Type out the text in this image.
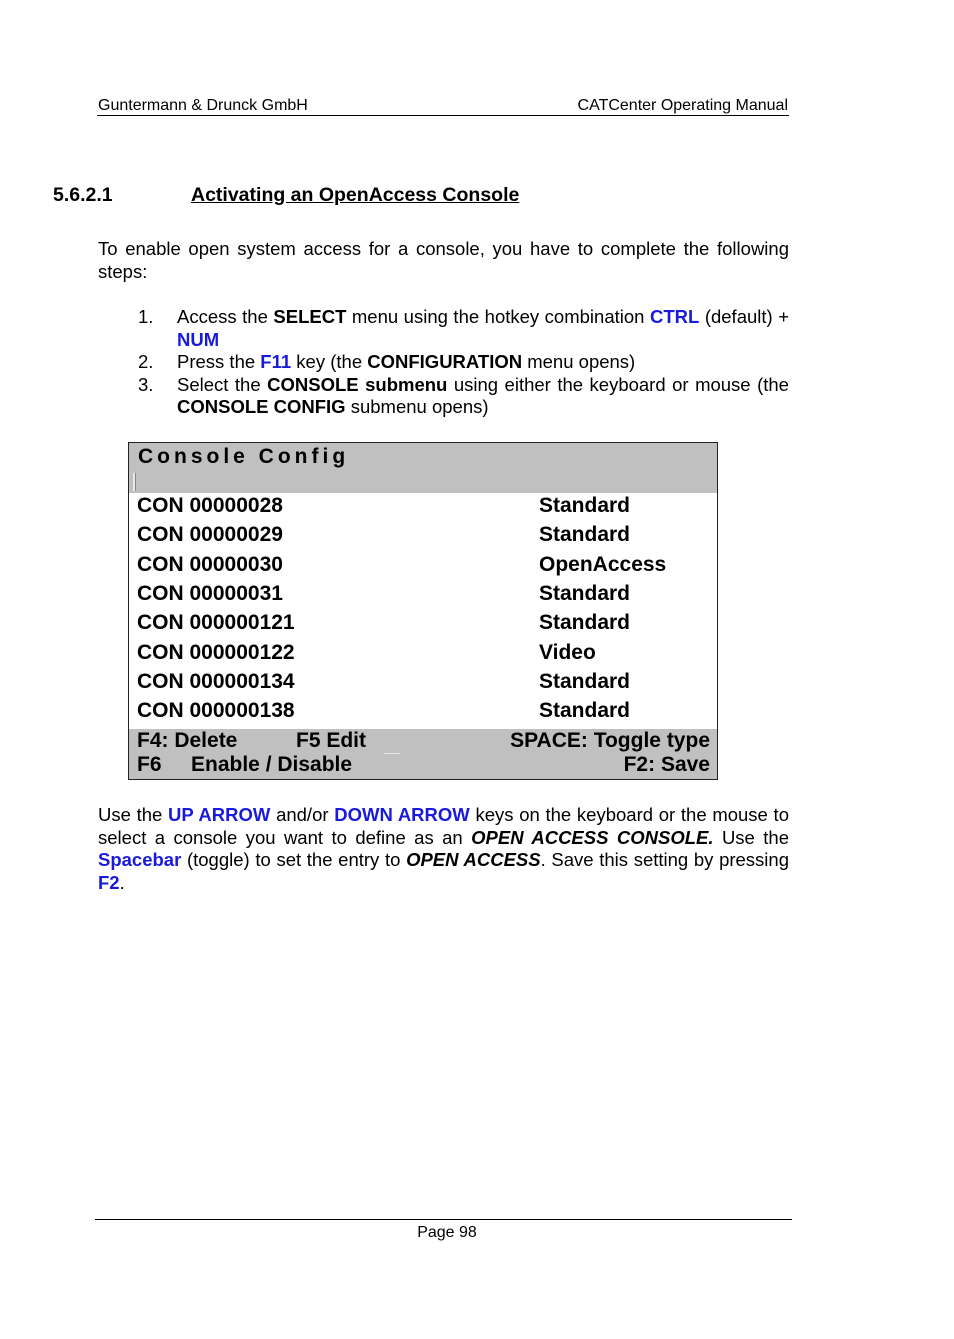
Guntermann & Drunck GmbH	CATCenter Operating Manual
5.6.2.1	Activating an OpenAccess Console
To enable open system access for a console, you have to complete the following steps:
1. Access the SELECT menu using the hotkey combination CTRL (default) + NUM
2. Press the F11 key (the CONFIGURATION menu opens)
3. Select the CONSOLE submenu using either the keyboard or mouse (the CONSOLE CONFIG submenu opens)
Console Config
CON 00000028	Standard
CON 00000029	Standard
CON 00000030	OpenAccess
CON 00000031	Standard
CON 000000121	Standard
CON 000000122	Video
CON 000000134	Standard
CON 000000138	Standard
F4: Delete	F5 Edit	SPACE: Toggle type
F6 Enable / Disable	F2: Save
Use the UP ARROW and/or DOWN ARROW keys on the keyboard or the mouse to select a console you want to define as an OPEN ACCESS CONSOLE. Use the Spacebar (toggle) to set the entry to OPEN ACCESS. Save this setting by pressing F2.
Page 98
